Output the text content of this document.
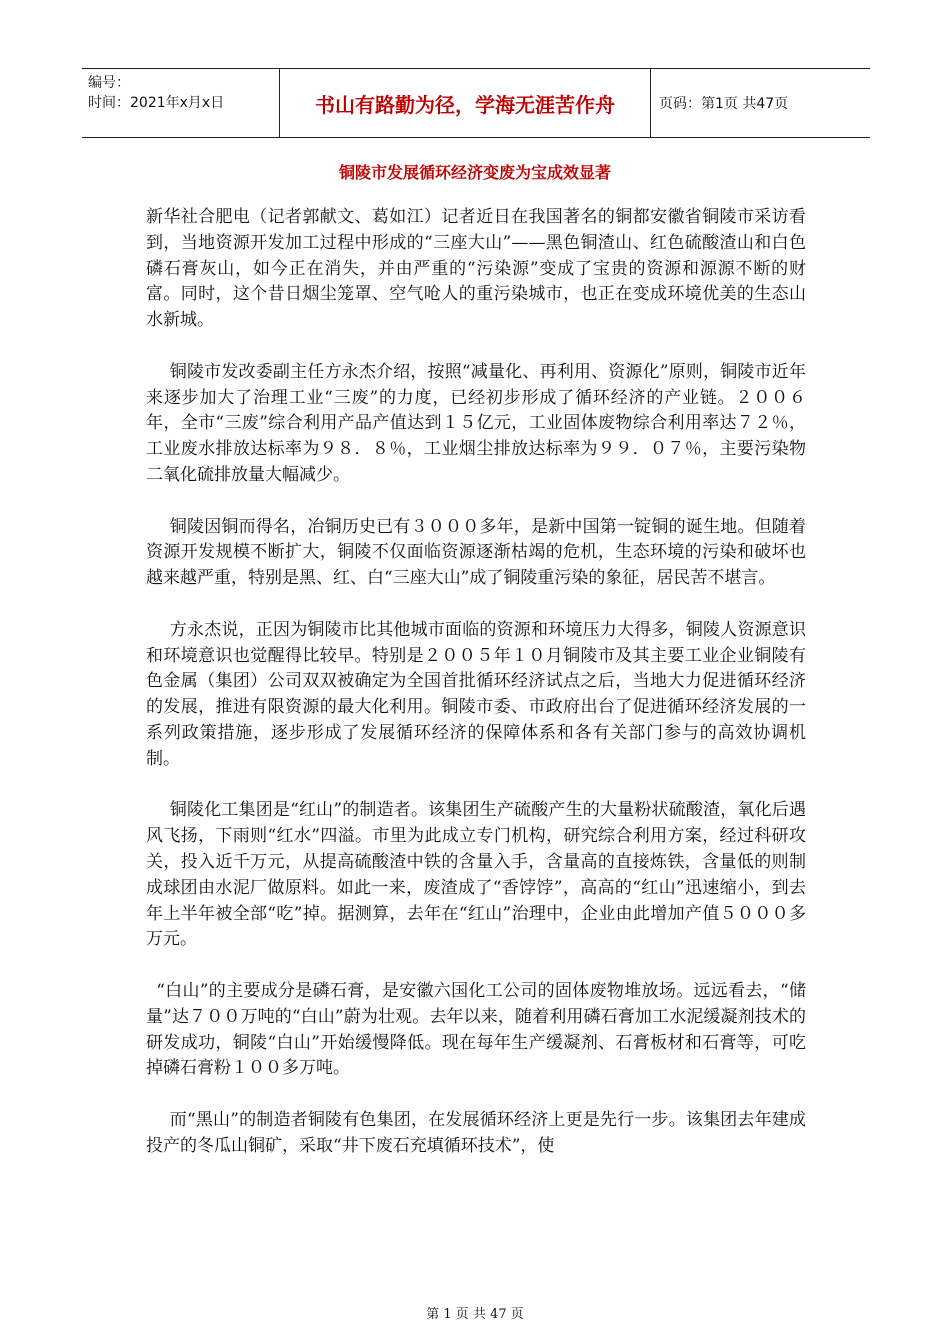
编号：
时间：2021年x月x日	书山有路勤为径，学海无涯苦作舟	页码：第1页 共47页
铜陵市发展循环经济变废为宝成效显著

新华社合肥电（记者郭献文、葛如江）记者近日在我国著名的铜都安徽省铜陵市采访看到，当地资源开发加工过程中形成的“三座大山”——黑色铜渣山、红色硫酸渣山和白色磷石膏灰山，如今正在消失，并由严重的“污染源”变成了宝贵的资源和源源不断的财富。同时，这个昔日烟尘笼罩、空气呛人的重污染城市，也正在变成环境优美的生态山水新城。

铜陵市发改委副主任方永杰介绍，按照“减量化、再利用、资源化”原则，铜陵市近年来逐步加大了治理工业“三废”的力度，已经初步形成了循环经济的产业链。２００６年，全市“三废”综合利用产品产值达到１５亿元，工业固体废物综合利用率达７２％，工业废水排放达标率为９８．８％，工业烟尘排放达标率为９９．０７％，主要污染物二氧化硫排放量大幅减少。

铜陵因铜而得名，冶铜历史已有３０００多年，是新中国第一锭铜的诞生地。但随着资源开发规模不断扩大，铜陵不仅面临资源逐渐枯竭的危机，生态环境的污染和破坏也越来越严重，特别是黑、红、白“三座大山”成了铜陵重污染的象征，居民苦不堪言。

方永杰说，正因为铜陵市比其他城市面临的资源和环境压力大得多，铜陵人资源意识和环境意识也觉醒得比较早。特别是２００５年１０月铜陵市及其主要工业企业铜陵有色金属（集团）公司双双被确定为全国首批循环经济试点之后，当地大力促进循环经济的发展，推进有限资源的最大化利用。铜陵市委、市政府出台了促进循环经济发展的一系列政策措施，逐步形成了发展循环经济的保障体系和各有关部门参与的高效协调机制。

铜陵化工集团是“红山”的制造者。该集团生产硫酸产生的大量粉状硫酸渣，氧化后遇风飞扬，下雨则“红水”四溢。市里为此成立专门机构，研究综合利用方案，经过科研攻关，投入近千万元，从提高硫酸渣中铁的含量入手，含量高的直接炼铁，含量低的则制成球团由水泥厂做原料。如此一来，废渣成了“香饽饽”，高高的“红山”迅速缩小，到去年上半年被全部“吃”掉。据测算，去年在“红山”治理中，企业由此增加产值５０００多万元。

“白山”的主要成分是磷石膏，是安徽六国化工公司的固体废物堆放场。远远看去，“储量”达７００万吨的“白山”蔚为壮观。去年以来，随着利用磷石膏加工水泥缓凝剂技术的研发成功，铜陵“白山”开始缓慢降低。现在每年生产缓凝剂、石膏板材和石膏等，可吃掉磷石膏粉１００多万吨。

而“黑山”的制造者铜陵有色集团，在发展循环经济上更是先行一步。该集团去年建成投产的冬瓜山铜矿，采取“井下废石充填循环技术”，使

第 1 页 共 47 页
